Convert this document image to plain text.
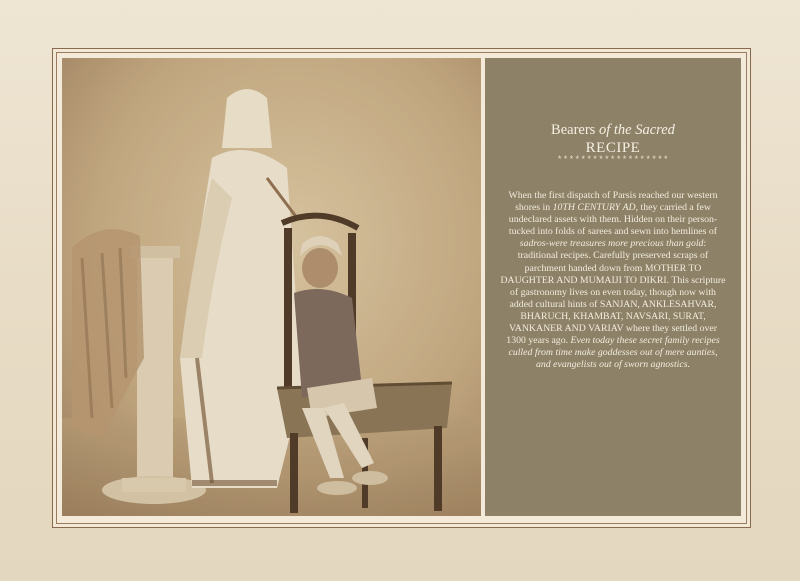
Bearers of the Sacred
RECIPE
*******************
When the first dispatch of Parsis reached our western shores in 10TH CENTURY AD, they carried a few undeclared assets with them. Hidden on their person-tucked into folds of sarees and sewn into hemlines of sadros-were treasures more precious than gold: traditional recipes. Carefully preserved scraps of parchment handed down from MOTHER TO DAUGHTER AND MUMAIJI TO DIKRI. This scripture of gastronomy lives on even today, though now with added cultural hints of SANJAN, ANKLESAHVAR, BHARUCH, KHAMBAT, NAVSARI, SURAT, VANKANER AND VARIAV where they settled over 1300 years ago. Even today these secret family recipes culled from time make goddesses out of mere aunties, and evangelists out of sworn agnostics.
